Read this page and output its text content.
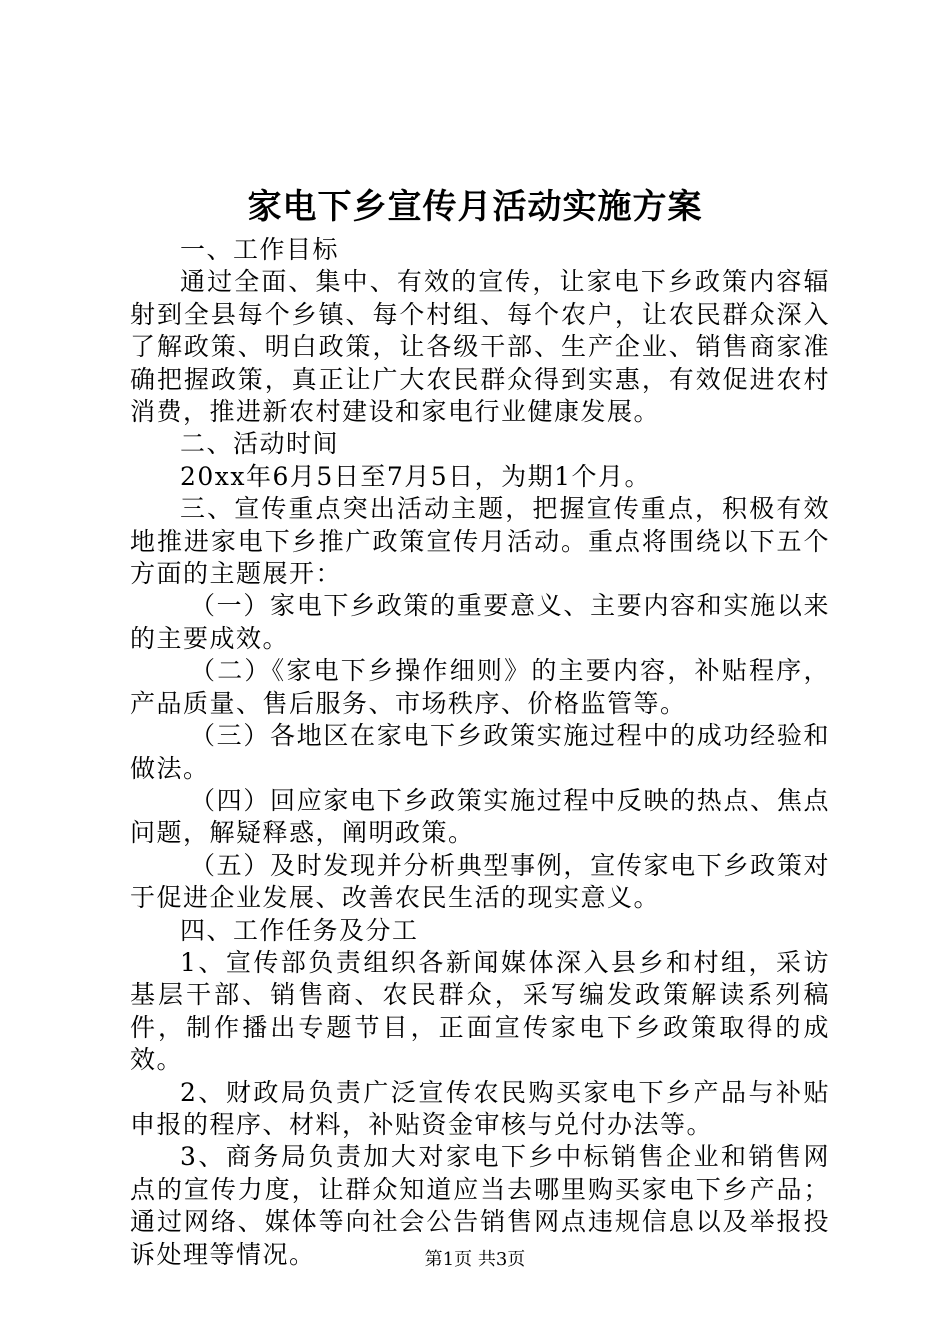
家电下乡宣传月活动实施方案

一、工作目标

通过全面、集中、有效的宣传，让家电下乡政策内容辐射到全县每个乡镇、每个村组、每个农户，让农民群众深入了解政策、明白政策，让各级干部、生产企业、销售商家准确把握政策，真正让广大农民群众得到实惠，有效促进农村消费，推进新农村建设和家电行业健康发展。

二、活动时间

20xx年6月5日至7月5日，为期1个月。

三、宣传重点突出活动主题，把握宣传重点，积极有效地推进家电下乡推广政策宣传月活动。重点将围绕以下五个方面的主题展开：

（一）家电下乡政策的重要意义、主要内容和实施以来的主要成效。

（二）《家电下乡操作细则》的主要内容，补贴程序，产品质量、售后服务、市场秩序、价格监管等。

（三）各地区在家电下乡政策实施过程中的成功经验和做法。

（四）回应家电下乡政策实施过程中反映的热点、焦点问题，解疑释惑，阐明政策。

（五）及时发现并分析典型事例，宣传家电下乡政策对于促进企业发展、改善农民生活的现实意义。

四、工作任务及分工

1、宣传部负责组织各新闻媒体深入县乡和村组，采访基层干部、销售商、农民群众，采写编发政策解读系列稿件，制作播出专题节目，正面宣传家电下乡政策取得的成效。

2、财政局负责广泛宣传农民购买家电下乡产品与补贴申报的程序、材料，补贴资金审核与兑付办法等。

3、商务局负责加大对家电下乡中标销售企业和销售网点的宣传力度，让群众知道应当去哪里购买家电下乡产品；通过网络、媒体等向社会公告销售网点违规信息以及举报投诉处理等情况。	第1页 共3页
